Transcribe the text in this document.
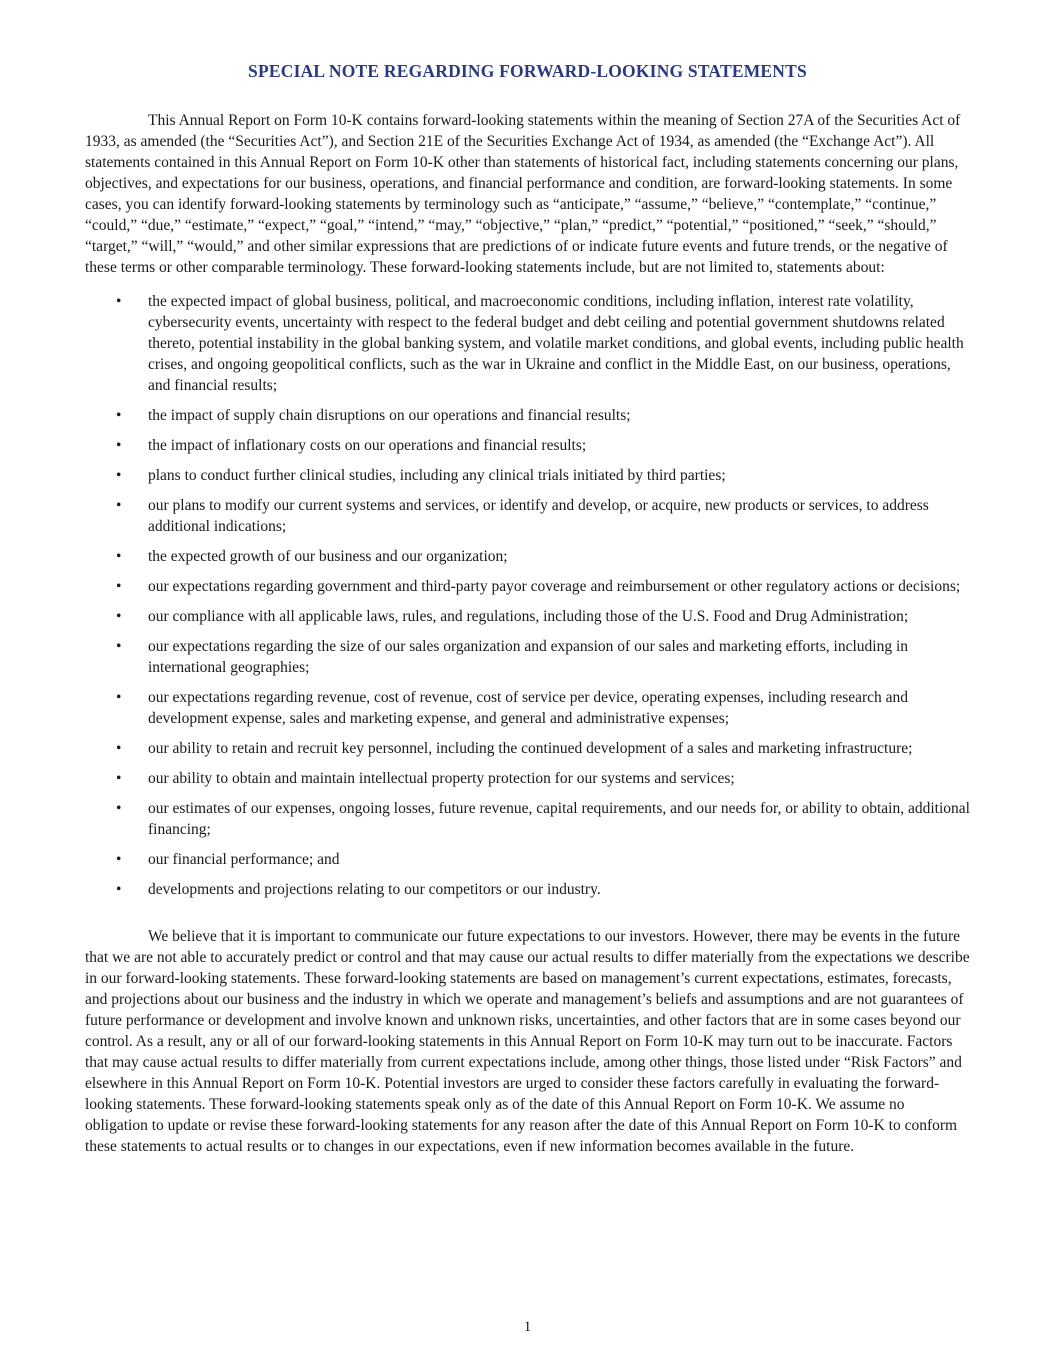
SPECIAL NOTE REGARDING FORWARD-LOOKING STATEMENTS

This Annual Report on Form 10-K contains forward-looking statements within the meaning of Section 27A of the Securities Act of 1933, as amended (the “Securities Act”), and Section 21E of the Securities Exchange Act of 1934, as amended (the “Exchange Act”). All statements contained in this Annual Report on Form 10-K other than statements of historical fact, including statements concerning our plans, objectives, and expectations for our business, operations, and financial performance and condition, are forward-looking statements. In some cases, you can identify forward-looking statements by terminology such as “anticipate,” “assume,” “believe,” “contemplate,” “continue,” “could,” “due,” “estimate,” “expect,” “goal,” “intend,” “may,” “objective,” “plan,” “predict,” “potential,” “positioned,” “seek,” “should,” “target,” “will,” “would,” and other similar expressions that are predictions of or indicate future events and future trends, or the negative of these terms or other comparable terminology. These forward-looking statements include, but are not limited to, statements about:

• the expected impact of global business, political, and macroeconomic conditions, including inflation, interest rate volatility, cybersecurity events, uncertainty with respect to the federal budget and debt ceiling and potential government shutdowns related thereto, potential instability in the global banking system, and volatile market conditions, and global events, including public health crises, and ongoing geopolitical conflicts, such as the war in Ukraine and conflict in the Middle East, on our business, operations, and financial results;
• the impact of supply chain disruptions on our operations and financial results;
• the impact of inflationary costs on our operations and financial results;
• plans to conduct further clinical studies, including any clinical trials initiated by third parties;
• our plans to modify our current systems and services, or identify and develop, or acquire, new products or services, to address additional indications;
• the expected growth of our business and our organization;
• our expectations regarding government and third-party payor coverage and reimbursement or other regulatory actions or decisions;
• our compliance with all applicable laws, rules, and regulations, including those of the U.S. Food and Drug Administration;
• our expectations regarding the size of our sales organization and expansion of our sales and marketing efforts, including in international geographies;
• our expectations regarding revenue, cost of revenue, cost of service per device, operating expenses, including research and development expense, sales and marketing expense, and general and administrative expenses;
• our ability to retain and recruit key personnel, including the continued development of a sales and marketing infrastructure;
• our ability to obtain and maintain intellectual property protection for our systems and services;
• our estimates of our expenses, ongoing losses, future revenue, capital requirements, and our needs for, or ability to obtain, additional financing;
• our financial performance; and
• developments and projections relating to our competitors or our industry.

We believe that it is important to communicate our future expectations to our investors. However, there may be events in the future that we are not able to accurately predict or control and that may cause our actual results to differ materially from the expectations we describe in our forward-looking statements. These forward-looking statements are based on management’s current expectations, estimates, forecasts, and projections about our business and the industry in which we operate and management’s beliefs and assumptions and are not guarantees of future performance or development and involve known and unknown risks, uncertainties, and other factors that are in some cases beyond our control. As a result, any or all of our forward-looking statements in this Annual Report on Form 10-K may turn out to be inaccurate. Factors that may cause actual results to differ materially from current expectations include, among other things, those listed under “Risk Factors” and elsewhere in this Annual Report on Form 10-K. Potential investors are urged to consider these factors carefully in evaluating the forward-looking statements. These forward-looking statements speak only as of the date of this Annual Report on Form 10-K. We assume no obligation to update or revise these forward-looking statements for any reason after the date of this Annual Report on Form 10-K to conform these statements to actual results or to changes in our expectations, even if new information becomes available in the future.

1
